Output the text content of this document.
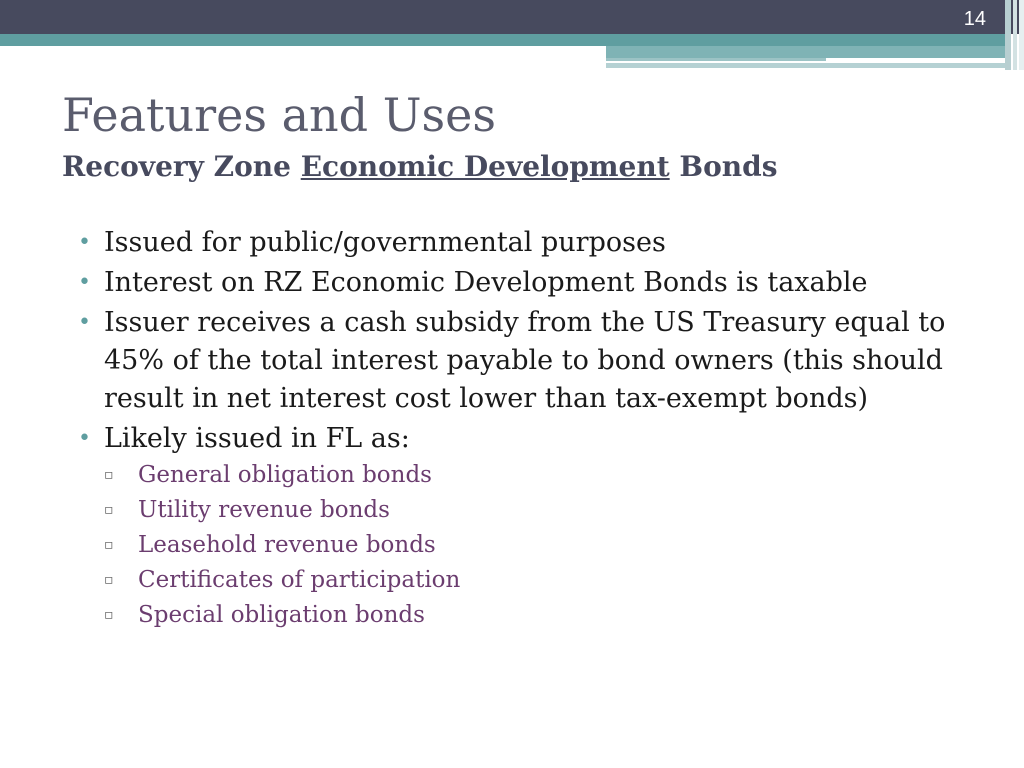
14
Features and Uses
Recovery Zone Economic Development Bonds
• Issued for public/governmental purposes
• Interest on RZ Economic Development Bonds is taxable
• Issuer receives a cash subsidy from the US Treasury equal to 45% of the total interest payable to bond owners (this should result in net interest cost lower than tax-exempt bonds)
• Likely issued in FL as:
▫ General obligation bonds
▫ Utility revenue bonds
▫ Leasehold revenue bonds
▫ Certificates of participation
▫ Special obligation bonds
